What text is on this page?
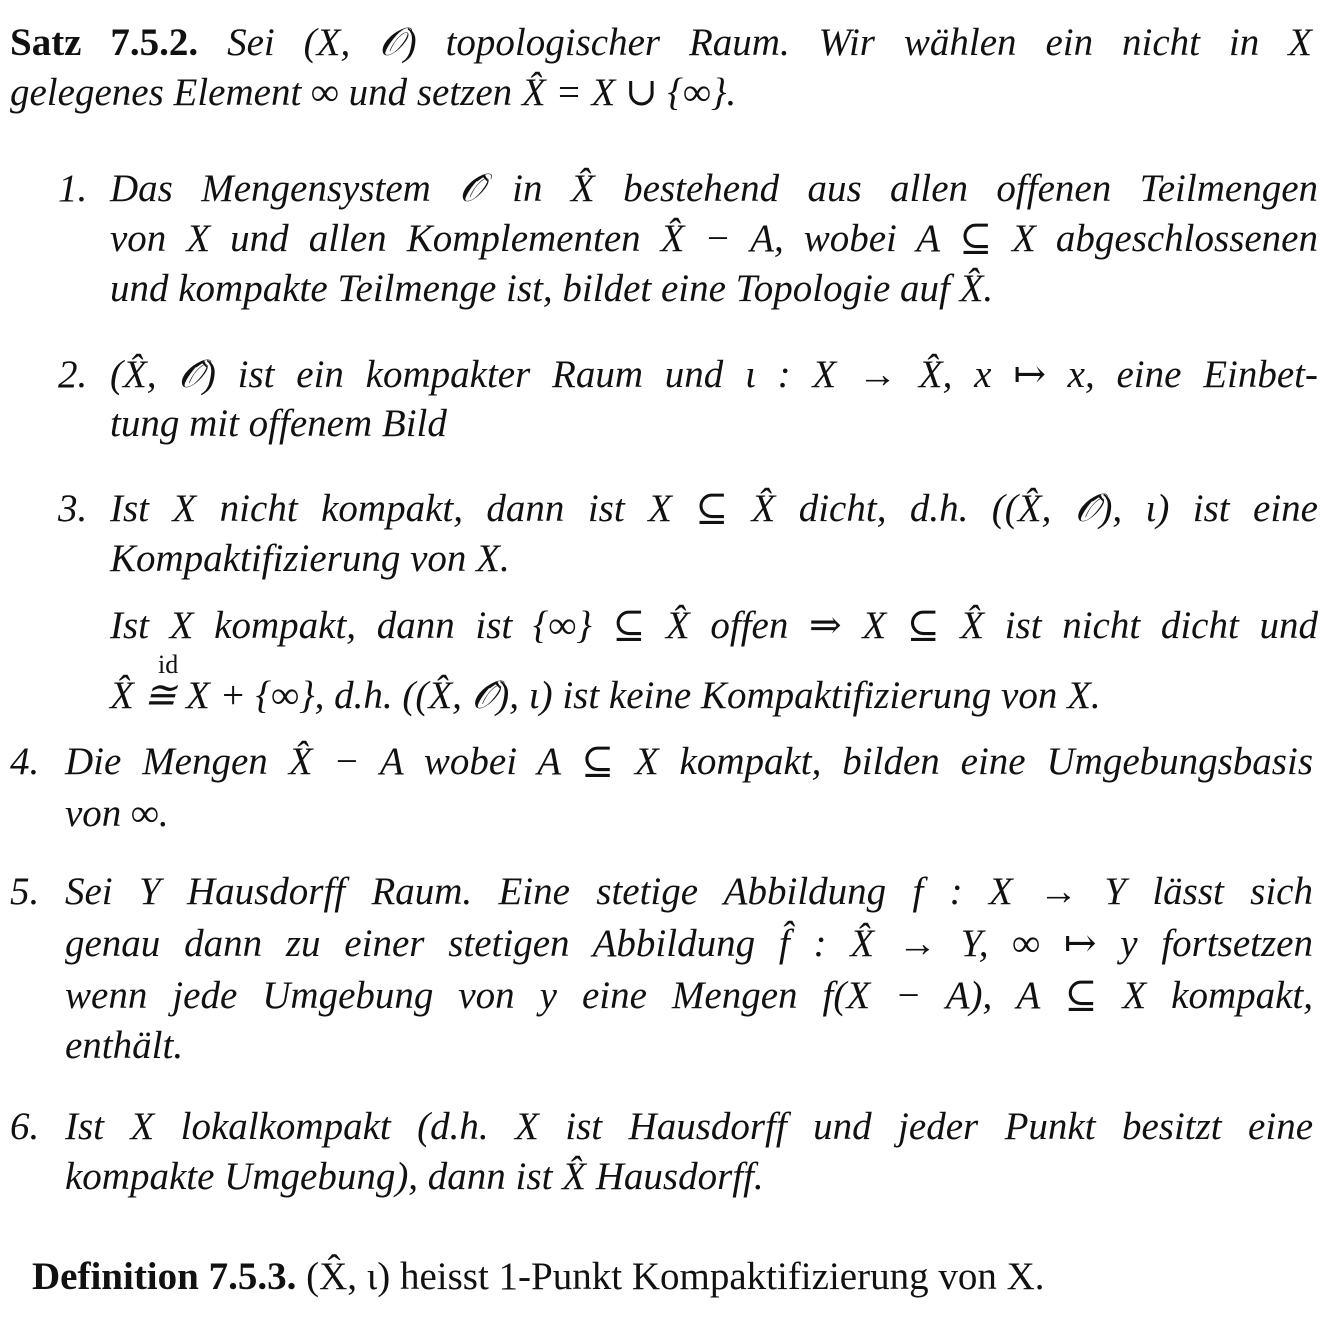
Satz 7.5.2. Sei (X, 𝒪) topologischer Raum. Wir wählen ein nicht in X
gelegenes Element ∞ und setzen X̂ = X ∪ {∞}.
1. Das Mengensystem 𝒪̂ in X̂ bestehend aus allen offenen Teilmengen
von X und allen Komplementen X̂ − A, wobei A ⊆ X abgeschlossenen
und kompakte Teilmenge ist, bildet eine Topologie auf X̂.
2. (X̂, 𝒪̂) ist ein kompakter Raum und ι : X → X̂, x ↦ x, eine Einbet-
tung mit offenem Bild
3. Ist X nicht kompakt, dann ist X ⊆ X̂ dicht, d.h. ((X̂, 𝒪̂), ι) ist eine
Kompaktifizierung von X.
Ist X kompakt, dann ist {∞} ⊆ X̂ offen ⇒ X ⊆ X̂ ist nicht dicht und
id
X̂ ≅ X + {∞}, d.h. ((X̂, 𝒪̂), ι) ist keine Kompaktifizierung von X.
4. Die Mengen X̂ − A wobei A ⊆ X kompakt, bilden eine Umgebungsbasis
von ∞.
5. Sei Y Hausdorff Raum. Eine stetige Abbildung f : X → Y lässt sich
genau dann zu einer stetigen Abbildung f̂ : X̂ → Y, ∞ ↦ y fortsetzen
wenn jede Umgebung von y eine Mengen f(X − A), A ⊆ X kompakt,
enthält.
6. Ist X lokalkompakt (d.h. X ist Hausdorff und jeder Punkt besitzt eine
kompakte Umgebung), dann ist X̂ Hausdorff.
Definition 7.5.3. (X̂, ι) heisst 1-Punkt Kompaktifizierung von X.
